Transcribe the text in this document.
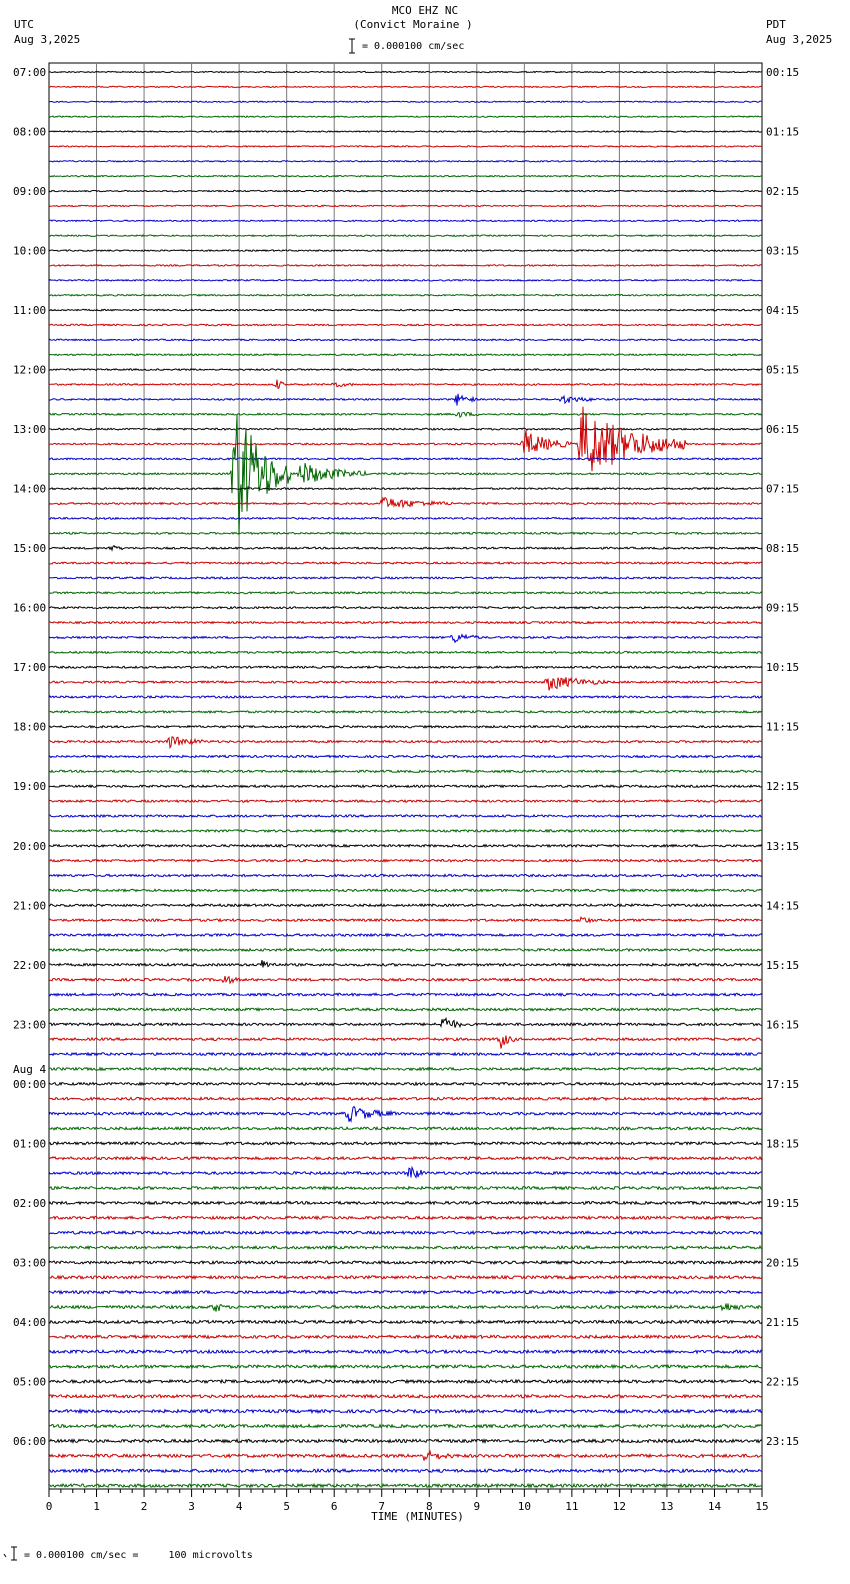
MCO EHZ NC
(Convict Moraine )
= 0.000100 cm/sec
UTC
Aug 3,2025
PDT
Aug 3,2025
= 0.000100 cm/sec =     100 microvolts
0	1	2	3	4	5	6	7	8	9	10	11	12	13	14	15
TIME (MINUTES)
07:00
08:00
09:00
10:00
11:00
12:00
13:00
14:00
15:00
16:00
17:00
18:00
19:00
20:00
21:00
22:00
23:00
00:00
01:00
02:00
03:00
04:00
05:00
06:00
00:15
01:15
02:15
03:15
04:15
05:15
06:15
07:15
08:15
09:15
10:15
11:15
12:15
13:15
14:15
15:15
16:15
17:15
18:15
19:15
20:15
21:15
22:15
23:15
Aug 4
